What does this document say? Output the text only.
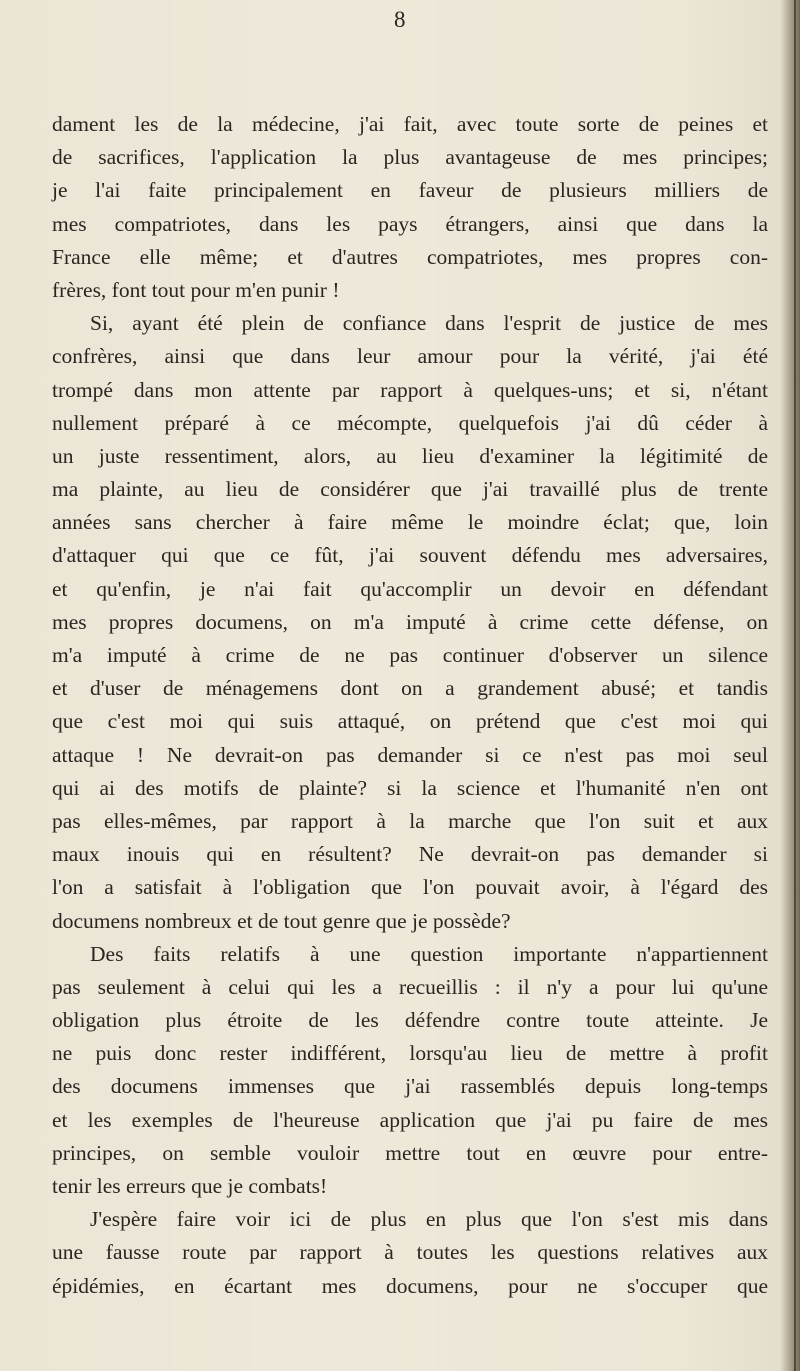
8
dament les de la médecine, j'ai fait, avec toute sorte de peines et
de sacrifices, l'application la plus avantageuse de mes principes;
je l'ai faite principalement en faveur de plusieurs milliers de
mes compatriotes, dans les pays étrangers, ainsi que dans la
France elle même; et d'autres compatriotes, mes propres con-
frères, font tout pour m'en punir !
Si, ayant été plein de confiance dans l'esprit de justice de mes
confrères, ainsi que dans leur amour pour la vérité, j'ai été
trompé dans mon attente par rapport à quelques-uns; et si, n'étant
nullement préparé à ce mécompte, quelquefois j'ai dû céder à
un juste ressentiment, alors, au lieu d'examiner la légitimité de
ma plainte, au lieu de considérer que j'ai travaillé plus de trente
années sans chercher à faire même le moindre éclat; que, loin
d'attaquer qui que ce fût, j'ai souvent défendu mes adversaires,
et qu'enfin, je n'ai fait qu'accomplir un devoir en défendant
mes propres documens, on m'a imputé à crime cette défense, on
m'a imputé à crime de ne pas continuer d'observer un silence
et d'user de ménagemens dont on a grandement abusé; et tandis
que c'est moi qui suis attaqué, on prétend que c'est moi qui
attaque ! Ne devrait-on pas demander si ce n'est pas moi seul
qui ai des motifs de plainte? si la science et l'humanité n'en ont
pas elles-mêmes, par rapport à la marche que l'on suit et aux
maux inouis qui en résultent? Ne devrait-on pas demander si
l'on a satisfait à l'obligation que l'on pouvait avoir, à l'égard des
documens nombreux et de tout genre que je possède?
Des faits relatifs à une question importante n'appartiennent
pas seulement à celui qui les a recueillis : il n'y a pour lui qu'une
obligation plus étroite de les défendre contre toute atteinte. Je
ne puis donc rester indifférent, lorsqu'au lieu de mettre à profit
des documens immenses que j'ai rassemblés depuis long-temps
et les exemples de l'heureuse application que j'ai pu faire de mes
principes, on semble vouloir mettre tout en œuvre pour entre-
tenir les erreurs que je combats!
J'espère faire voir ici de plus en plus que l'on s'est mis dans
une fausse route par rapport à toutes les questions relatives aux
épidémies, en écartant mes documens, pour ne s'occuper que
